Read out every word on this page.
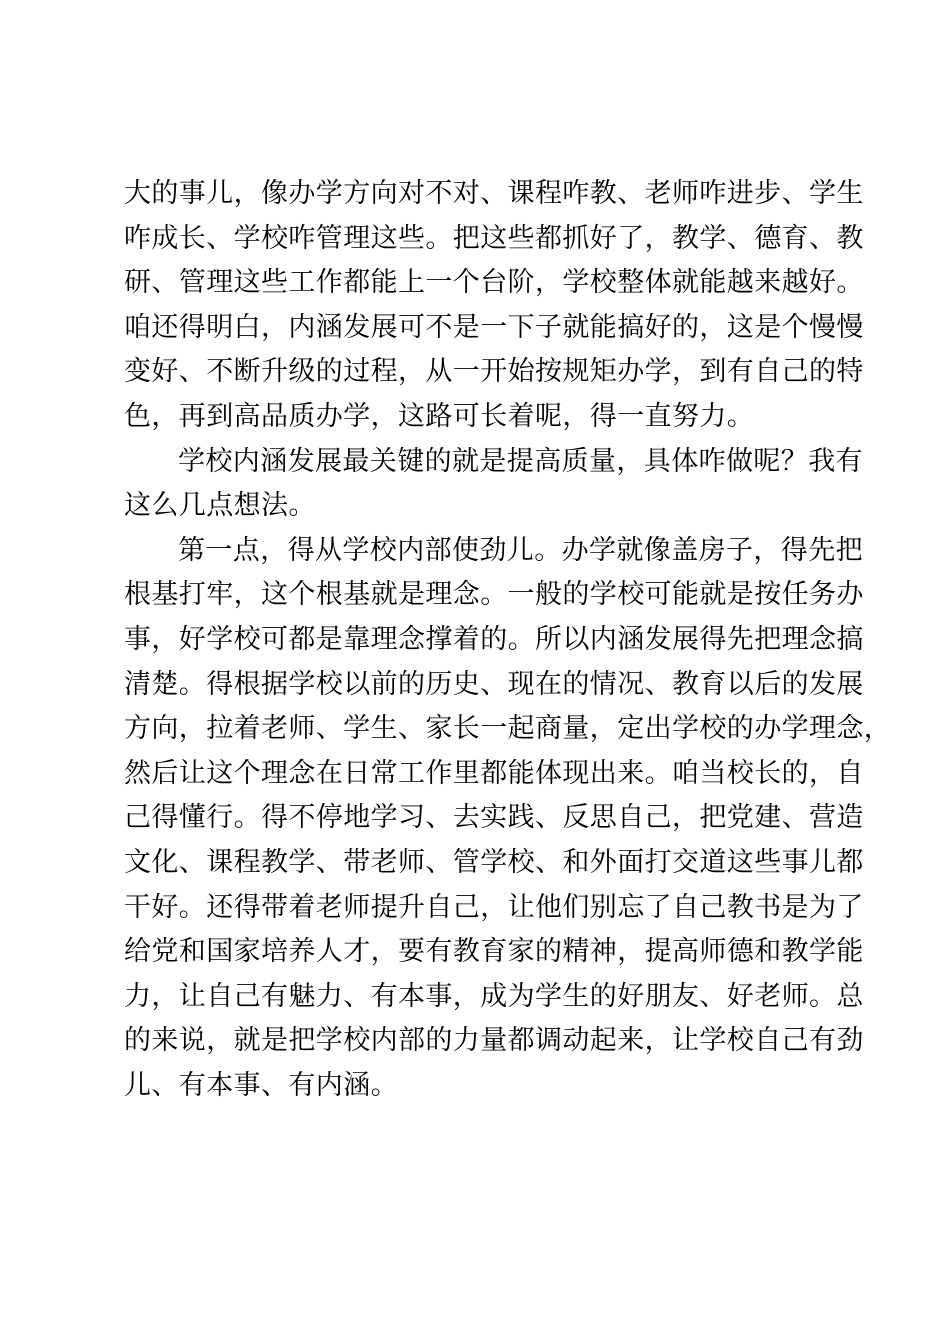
大的事儿，像办学方向对不对、课程咋教、老师咋进步、学生
咋成长、学校咋管理这些。把这些都抓好了，教学、德育、教
研、管理这些工作都能上一个台阶，学校整体就能越来越好。
咱还得明白，内涵发展可不是一下子就能搞好的，这是个慢慢
变好、不断升级的过程，从一开始按规矩办学，到有自己的特
色，再到高品质办学，这路可长着呢，得一直努力。
学校内涵发展最关键的就是提高质量，具体咋做呢？我有
这么几点想法。
第一点，得从学校内部使劲儿。办学就像盖房子，得先把
根基打牢，这个根基就是理念。一般的学校可能就是按任务办
事，好学校可都是靠理念撑着的。所以内涵发展得先把理念搞
清楚。得根据学校以前的历史、现在的情况、教育以后的发展
方向，拉着老师、学生、家长一起商量，定出学校的办学理念，
然后让这个理念在日常工作里都能体现出来。咱当校长的，自
己得懂行。得不停地学习、去实践、反思自己，把党建、营造
文化、课程教学、带老师、管学校、和外面打交道这些事儿都
干好。还得带着老师提升自己，让他们别忘了自己教书是为了
给党和国家培养人才，要有教育家的精神，提高师德和教学能
力，让自己有魅力、有本事，成为学生的好朋友、好老师。总
的来说，就是把学校内部的力量都调动起来，让学校自己有劲
儿、有本事、有内涵。
